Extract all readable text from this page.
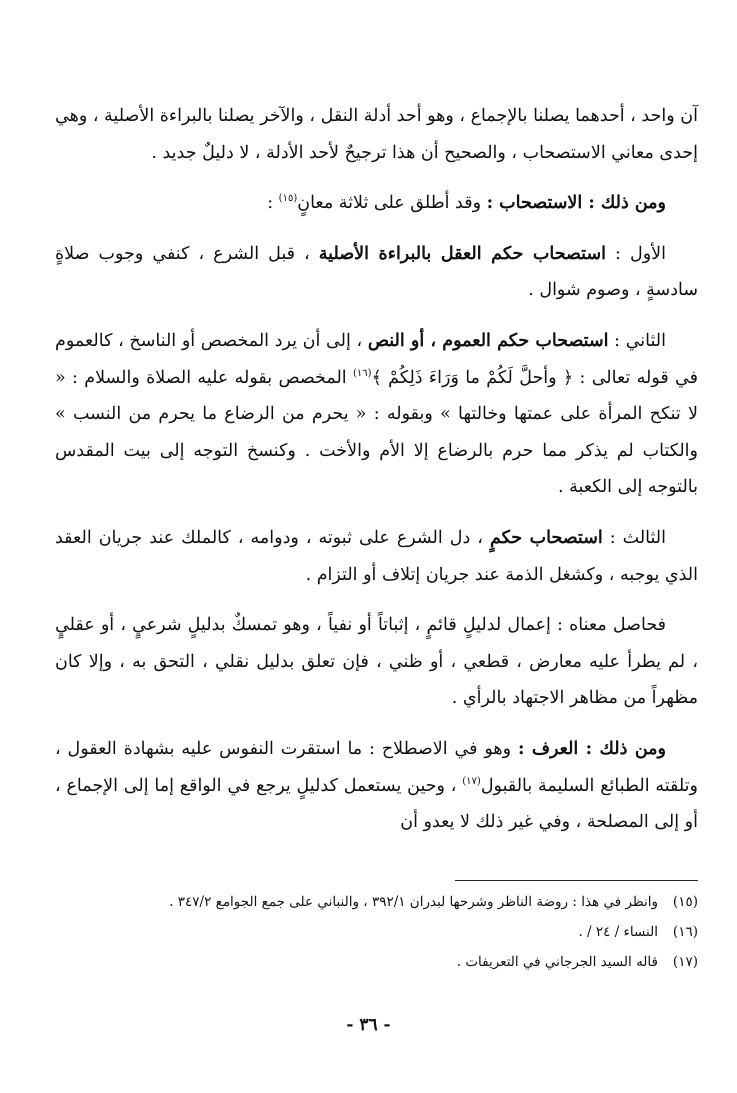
آن واحد ، أحدهما يصلنا بالإجماع ، وهو أحد أدلة النقل ، والآخر يصلنا بالبراءة الأصلية ، وهي إحدى معاني الاستصحاب ، والصحيح أن هذا ترجيحٌ لأحد الأدلة ، لا دليلٌ جديد .

ومن ذلك : الاستصحاب : وقد أطلق على ثلاثة معانٍ$^{(١٥)}$ :

الأول : استصحاب حكم العقل بالبراءة الأصلية ، قبل الشرع ، كنفي وجوب صلاةٍ سادسةٍ ، وصوم شوال .

الثاني : استصحاب حكم العموم ، أو النص ، إلى أن يرد المخصص أو الناسخ ، كالعموم في قوله تعالى : ﴿ وأحلَّ لَكُمْ ما وَرَاءَ ذَلِكُمْ ﴾$^{(١٦)}$ المخصص بقوله عليه الصلاة والسلام : « لا تنكح المرأة على عمتها وخالتها » وبقوله : « يحرم من الرضاع ما يحرم من النسب » والكتاب لم يذكر مما حرم بالرضاع إلا الأم والأخت . وكنسخ التوجه إلى بيت المقدس بالتوجه إلى الكعبة .

الثالث : استصحاب حكمٍ ، دل الشرع على ثبوته ، ودوامه ، كالملك عند جريان العقد الذي يوجبه ، وكشغل الذمة عند جريان إتلاف أو التزام .

فحاصل معناه : إعمال لدليلٍ قائمٍ ، إثباتاً أو نفياً ، وهو تمسكٌ بدليلٍ شرعيٍ ، أو عقليٍ ، لم يطرأ عليه معارض ، قطعي ، أو ظني ، فإن تعلق بدليل نقلي ، التحق به ، وإلا كان مظهراً من مظاهر الاجتهاد بالرأي .

ومن ذلك : العرف : وهو في الاصطلاح : ما استقرت النفوس عليه بشهادة العقول ، وتلقته الطبائع السليمة بالقبول$^{(١٧)}$ ، وحين يستعمل كدليلٍ يرجع في الواقع إما إلى الإجماع ، أو إلى المصلحة ، وفي غير ذلك لا يعدو أن

(١٥)وانظر في هذا : روضة الناظر وشرحها لبدران ٣٩٢/١ ، والنباني على جمع الجوامع ٣٤٧/٢ .

(١٦)النساء / ٢٤ / .

(١٧)قاله السيد الجرجاني في التعريفات .

- ٣٦ -
